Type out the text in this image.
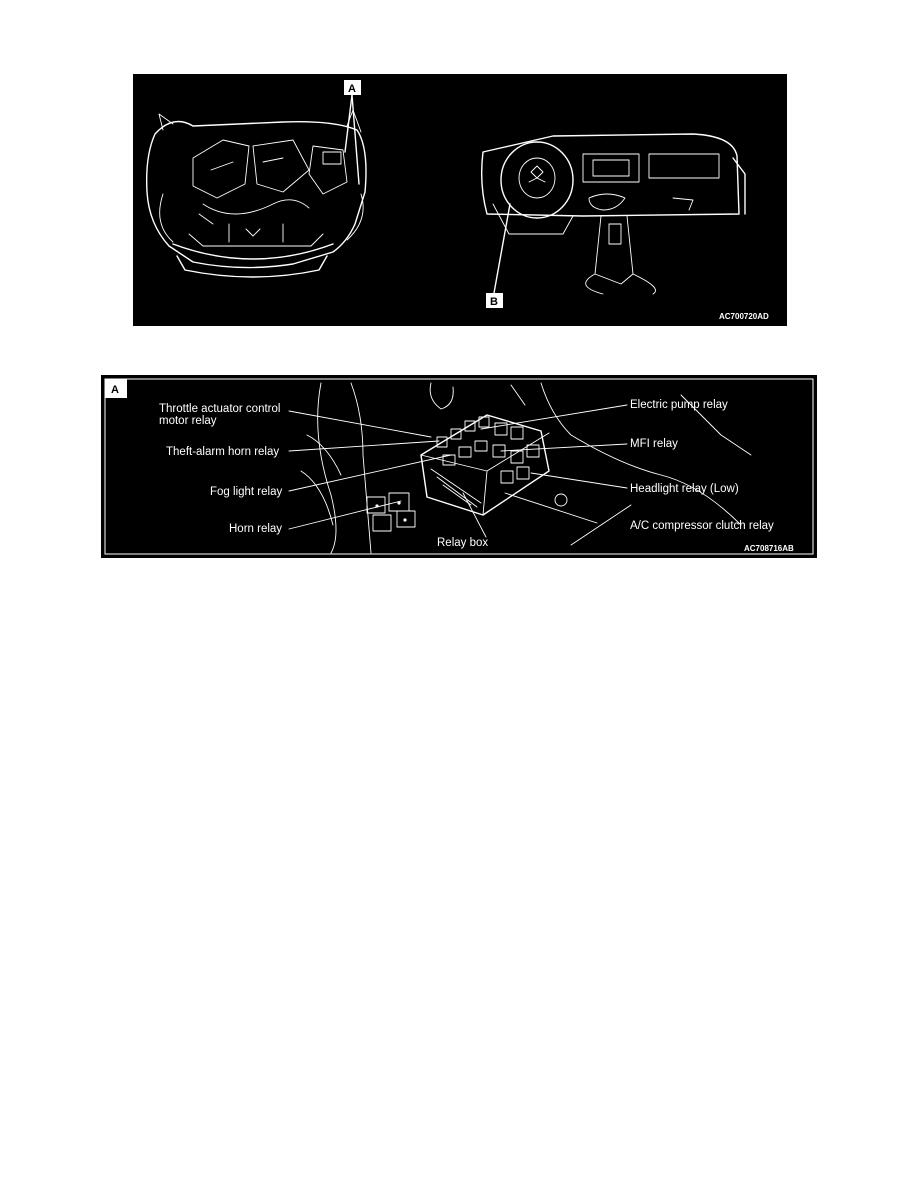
A
B
AC700720AD
A
Throttle actuator control
motor relay
Theft-alarm horn relay
Fog light relay
Horn relay
Relay box
Electric pump relay
MFI relay
Headlight relay (Low)
A/C compressor clutch relay
AC708716AB
